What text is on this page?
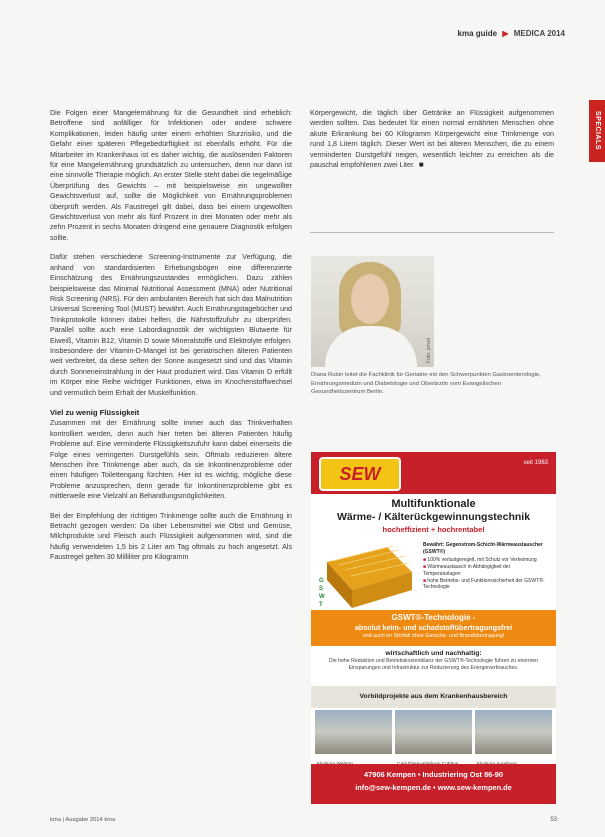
kma guide ▶ MEDICA 2014
SPECIALS

Die Folgen einer Mangelernährung für die Gesundheit sind erheblich: Betroffene sind anfälliger für Infektionen oder andere schwere Komplikationen, leiden häufig unter einem erhöhten Sturzrisiko, und die Gefahr einer späteren Pflegebedürftigkeit ist ebenfalls erhöht. Für die Mitarbeiter im Krankenhaus ist es daher wichtig, die auslösenden Faktoren für eine Mangelernährung grundsätzlich zu untersuchen, denn nur dann ist eine sinnvolle Therapie möglich. An erster Stelle steht dabei die regelmäßige Überprüfung des Gewichts – mit beispielsweise ein ungewollter Gewichtsverlust auf, sollte die Möglichkeit von Ernährungsproblemen überprüft werden. Als Faustregel gilt dabei, dass bei einem ungewollten Gewichtsverlust von mehr als fünf Prozent in drei Monaten oder mehr als zehn Prozent in sechs Monaten dringend eine genauere Diagnostik erfolgen sollte.

Dafür stehen verschiedene Screening-Instrumente zur Verfügung, die anhand von standardisierten Erhebungsbögen eine differenzierte Einschätzung des Ernährungszustandes ermöglichen. Dazu zählen beispielsweise das Minimal Nutritional Assessment (MNA) oder Nutritional Risk Screening (NRS). Für den ambulanten Bereich hat sich das Malnutrition Universal Screening Tool (MUST) bewährt. Auch Ernährungstagebücher und Trinkprotokolle können dabei helfen, die Nährstoffzufuhr zu überprüfen. Parallel sollte auch eine Labordiagnostik der wichtigsten Blutwerte für Eiweiß, Vitamin B12, Vitamin D sowie Mineralstoffe und Elektrolyte erfolgen. Insbesondere der Vitamin-D-Mangel ist bei geriatrischen älteren Patienten weit verbreitet, da diese selten der Sonne ausgesetzt sind und das Vitamin durch Sonneneinstrahlung in der Haut produziert wird. Das Vitamin D erfüllt im Körper eine Reihe wichtiger Funktionen, etwa im Knochenstoffwechsel und vermutlich beim Erhalt der Muskelfunktion.

Viel zu wenig Flüssigkeit

Zusammen mit der Ernährung sollte immer auch das Trinkverhalten kontrolliert werden, denn auch hier treten bei älteren Patienten häufig Probleme auf. Eine verminderte Flüssigkeitszufuhr kann dabei einerseits die Folge eines verringerten Durstgefühls sein. Oftmals reduzieren ältere Menschen ihre Trinkmenge aber auch, da sie Inkontinenzprobleme oder einen häufigen Toilettengang fürchten. Hier ist es wichtig, mögliche diese Probleme anzusprechen, denn gerade für Inkontinenzprobleme gibt es mittlerweile eine Vielzahl an Behandlungsmöglichkeiten.

Bei der Empfehlung der richtigen Trinkmenge sollte auch die Ernährung in Betracht gezogen werden: Da über Lebensmittel wie Obst und Gemüse, Milchprodukte und Fleisch auch Flüssigkeit aufgenommen wird, sind die häufig verwendeten 1,5 bis 2 Liter am Tag oftmals zu hoch angesetzt. Als Faustregel gelten 30 Milliliter pro Kilogramm

Körpergewicht, die täglich über Getränke an Flüssigkeit aufgenommen werden sollten. Das bedeutet für einen normal ernährten Menschen ohne akute Erkrankung bei 60 Kilogramm Körpergewicht eine Trinkmenge von rund 1,8 Litern täglich. Dieser Wert ist bei älteren Menschen, die zu einem verminderten Durstgefühl neigen, wesentlich leichter zu erreichen als die pauschal empfohlenen zwei Liter. ■
Foto: privat
Diana Rubin leitet die Fachklinik für Geriatrie mit den Schwerpunkten Gastroenterologie, Ernährungsmedizin und Diabetologie und Oberärztin vom Evangelischen Gesundheitszentrum Berlin.
SEW
seit 1963
Multifunktionale
Wärme- / Kälterückgewinnungstechnik
hocheffizient + hochrentabel
G
S
W
T
Bewährt: Gegenstrom-Schicht-Wärmeaustauscher (GSWT®)
■ 100% verlustgeregelt, mit Schutz vor Verkeimung
■ Wärmeaustausch in Abhängigkeit der Temperaturlagen
■ hohe Betriebs- und Funktionssicherheit der GSWT®-Technologie
GSWT®-Technologie -
absolut keim- und schadstoffübertragungsfrei
und auch im Störfall ohne Geruchs- und Brandübertragung!
wirtschaftlich und nachhaltig:
Die hohe Reduktion und Betriebskostenbilanz der GSWT®-Technologie führen zu enormen Einsparungen und Infrastruktur zur Reduzierung des Energieverbrauches.
Vorbildprojekte aus dem Krankenhausbereich
47906 Kempen • Industriering Ost 86-90
info@sew-kempen.de • www.sew-kempen.de
kma | Ausgabe 2014 kma	53
